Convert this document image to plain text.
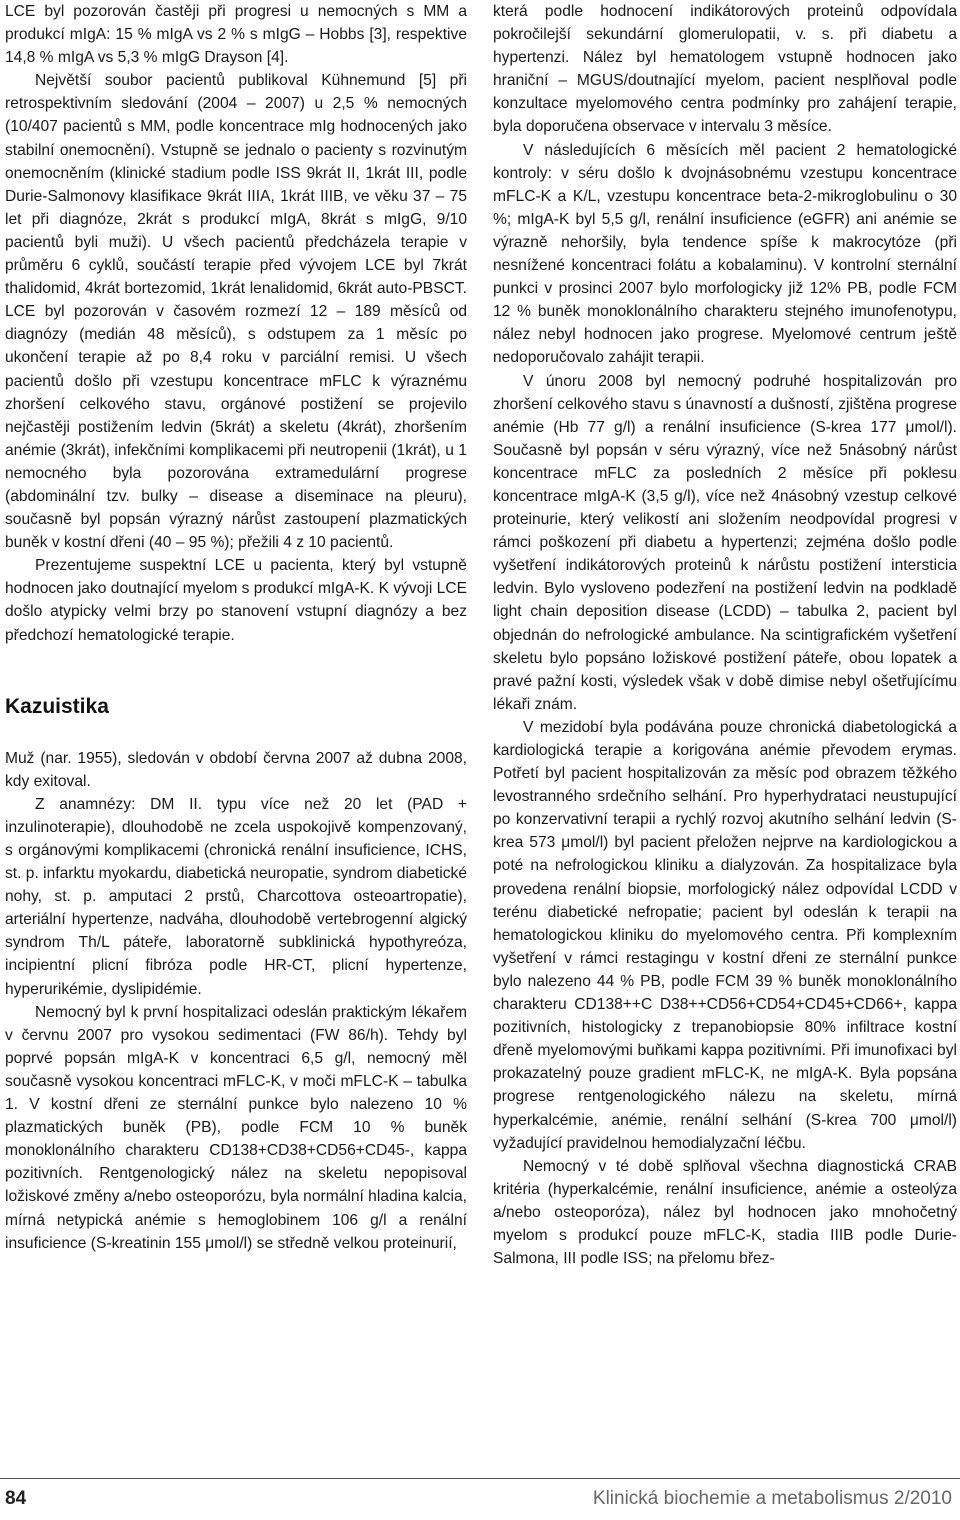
LCE byl pozorován častěji při progresi u nemocných s MM a produkcí mIgA: 15 % mIgA vs 2 % s mIgG – Hobbs [3], respektive 14,8 % mIgA vs 5,3 % mIgG Drayson [4].

Největší soubor pacientů publikoval Kühnemund [5] při retrospektivním sledování (2004 – 2007) u 2,5 % nemocných (10/407 pacientů s MM, podle koncentrace mIg hodnocených jako stabilní onemocnění). Vstupně se jednalo o pacienty s rozvinutým onemocněním (klinické stadium podle ISS 9krát II, 1krát III, podle Durie-Salmonovy klasifikace 9krát IIIA, 1krát IIIB, ve věku 37 – 75 let při diagnóze, 2krát s produkcí mIgA, 8krát s mIgG, 9/10 pacientů byli muži). U všech pacientů předcházela terapie v průměru 6 cyklů, součástí terapie před vývojem LCE byl 7krát thalidomid, 4krát bortezomid, 1krát lenalidomid, 6krát auto-PBSCT. LCE byl pozorován v časovém rozmezí 12 – 189 měsíců od diagnózy (medián 48 měsíců), s odstupem za 1 měsíc po ukončení terapie až po 8,4 roku v parciální remisi. U všech pacientů došlo při vzestupu koncentrace mFLC k výraznému zhoršení celkového stavu, orgánové postižení se projevilo nejčastěji postižením ledvin (5krát) a skeletu (4krát), zhoršením anémie (3krát), infekčními komplikacemi při neutropenii (1krát), u 1 nemocného byla pozorována extramedulární progrese (abdominální tzv. bulky – disease a diseminace na pleuru), současně byl popsán výrazný nárůst zastoupení plazmatických buněk v kostní dřeni (40 – 95 %); přežili 4 z 10 pacientů.

Prezentujeme suspektní LCE u pacienta, který byl vstupně hodnocen jako doutnající myelom s produkcí mIgA-K. K vývoji LCE došlo atypicky velmi brzy po stanovení vstupní diagnózy a bez předchozí hematologické terapie.

Kazuistika

Muž (nar. 1955), sledován v období června 2007 až dubna 2008, kdy exitoval.

Z anamnézy: DM II. typu více než 20 let (PAD + inzulinoterapie), dlouhodobě ne zcela uspokojivě kompenzovaný, s orgánovými komplikacemi (chronická renální insuficience, ICHS, st. p. infarktu myokardu, diabetická neuropatie, syndrom diabetické nohy, st. p. amputaci 2 prstů, Charcottova osteoartropatie), arteriální hypertenze, nadváha, dlouhodobě vertebrogenní algický syndrom Th/L páteře, laboratorně subklinická hypothyreóza, incipientní plicní fibróza podle HR-CT, plicní hypertenze, hyperurikémie, dyslipidémie.

Nemocný byl k první hospitalizaci odeslán praktickým lékařem v červnu 2007 pro vysokou sedimentaci (FW 86/h). Tehdy byl poprvé popsán mIgA-K v koncentraci 6,5 g/l, nemocný měl současně vysokou koncentraci mFLC-K, v moči mFLC-K – tabulka 1. V kostní dřeni ze sternální punkce bylo nalezeno 10 % plazmatických buněk (PB), podle FCM 10 % buněk monoklonálního charakteru CD138+CD38+CD56+CD45-, kappa pozitivních. Rentgenologický nález na skeletu nepopisoval ložiskové změny a/nebo osteoporózu, byla normální hladina kalcia, mírná netypická anémie s hemoglobinem 106 g/l a renální insuficience (S-kreatinin 155 μmol/l) se středně velkou proteinurií,

která podle hodnocení indikátorových proteinů odpovídala pokročilejší sekundární glomerulopatii, v. s. při diabetu a hypertenzi. Nález byl hematologem vstupně hodnocen jako hraniční – MGUS/doutnající myelom, pacient nesplňoval podle konzultace myelomového centra podmínky pro zahájení terapie, byla doporučena observace v intervalu 3 měsíce.

V následujících 6 měsících měl pacient 2 hematologické kontroly: v séru došlo k dvojnásobnému vzestupu koncentrace mFLC-K a K/L, vzestupu koncentrace beta-2-mikroglobulinu o 30 %; mIgA-K byl 5,5 g/l, renální insuficience (eGFR) ani anémie se výrazně nehoršily, byla tendence spíše k makrocytóze (při nesnížené koncentraci folátu a kobalaminu). V kontrolní sternální punkci v prosinci 2007 bylo morfologicky již 12% PB, podle FCM 12 % buněk monoklonálního charakteru stejného imunofenotypu, nález nebyl hodnocen jako progrese. Myelomové centrum ještě nedoporučovalo zahájit terapii.

V únoru 2008 byl nemocný podruhé hospitalizován pro zhoršení celkového stavu s únavností a dušností, zjištěna progrese anémie (Hb 77 g/l) a renální insuficience (S-krea 177 μmol/l). Současně byl popsán v séru výrazný, více než 5násobný nárůst koncentrace mFLC za posledních 2 měsíce při poklesu koncentrace mIgA-K (3,5 g/l), více než 4násobný vzestup celkové proteinurie, který velikostí ani složením neodpovídal progresi v rámci poškození při diabetu a hypertenzi; zejména došlo podle vyšetření indikátorových proteinů k nárůstu postižení intersticia ledvin. Bylo vysloveno podezření na postižení ledvin na podkladě light chain deposition disease (LCDD) – tabulka 2, pacient byl objednán do nefrologické ambulance. Na scintigrafickém vyšetření skeletu bylo popsáno ložiskové postižení páteře, obou lopatek a pravé pažní kosti, výsledek však v době dimise nebyl ošetřujícímu lékaři znám.

V mezidobí byla podávána pouze chronická diabetologická a kardiologická terapie a korigována anémie převodem erymas. Potřetí byl pacient hospitalizován za měsíc pod obrazem těžkého levostranného srdečního selhání. Pro hyperhydrataci neustupující po konzervativní terapii a rychlý rozvoj akutního selhání ledvin (S-krea 573 μmol/l) byl pacient přeložen nejprve na kardiologickou a poté na nefrologickou kliniku a dialyzován. Za hospitalizace byla provedena renální biopsie, morfologický nález odpovídal LCDD v terénu diabetické nefropatie; pacient byl odeslán k terapii na hematologickou kliniku do myelomového centra. Při komplexním vyšetření v rámci restagingu v kostní dřeni ze sternální punkce bylo nalezeno 44 % PB, podle FCM 39 % buněk monoklonálního charakteru CD138++C D38++CD56+CD54+CD45+CD66+, kappa pozitivních, histologicky z trepanobiopsie 80% infiltrace kostní dřeně myelomovými buňkami kappa pozitivními. Při imunofixaci byl prokazatelný pouze gradient mFLC-K, ne mIgA-K. Byla popsána progrese rentgenologického nálezu na skeletu, mírná hyperkalcémie, anémie, renální selhání (S-krea 700 μmol/l) vyžadující pravidelnou hemodialyzační léčbu.

Nemocný v té době splňoval všechna diagnostická CRAB kritéria (hyperkalcémie, renální insuficience, anémie a osteolýza a/nebo osteoporóza), nález byl hodnocen jako mnohočetný myelom s produkcí pouze mFLC-K, stadia IIIB podle Durie-Salmona, III podle ISS; na přelomu břez-

84	Klinická biochemie a metabolismus 2/2010
